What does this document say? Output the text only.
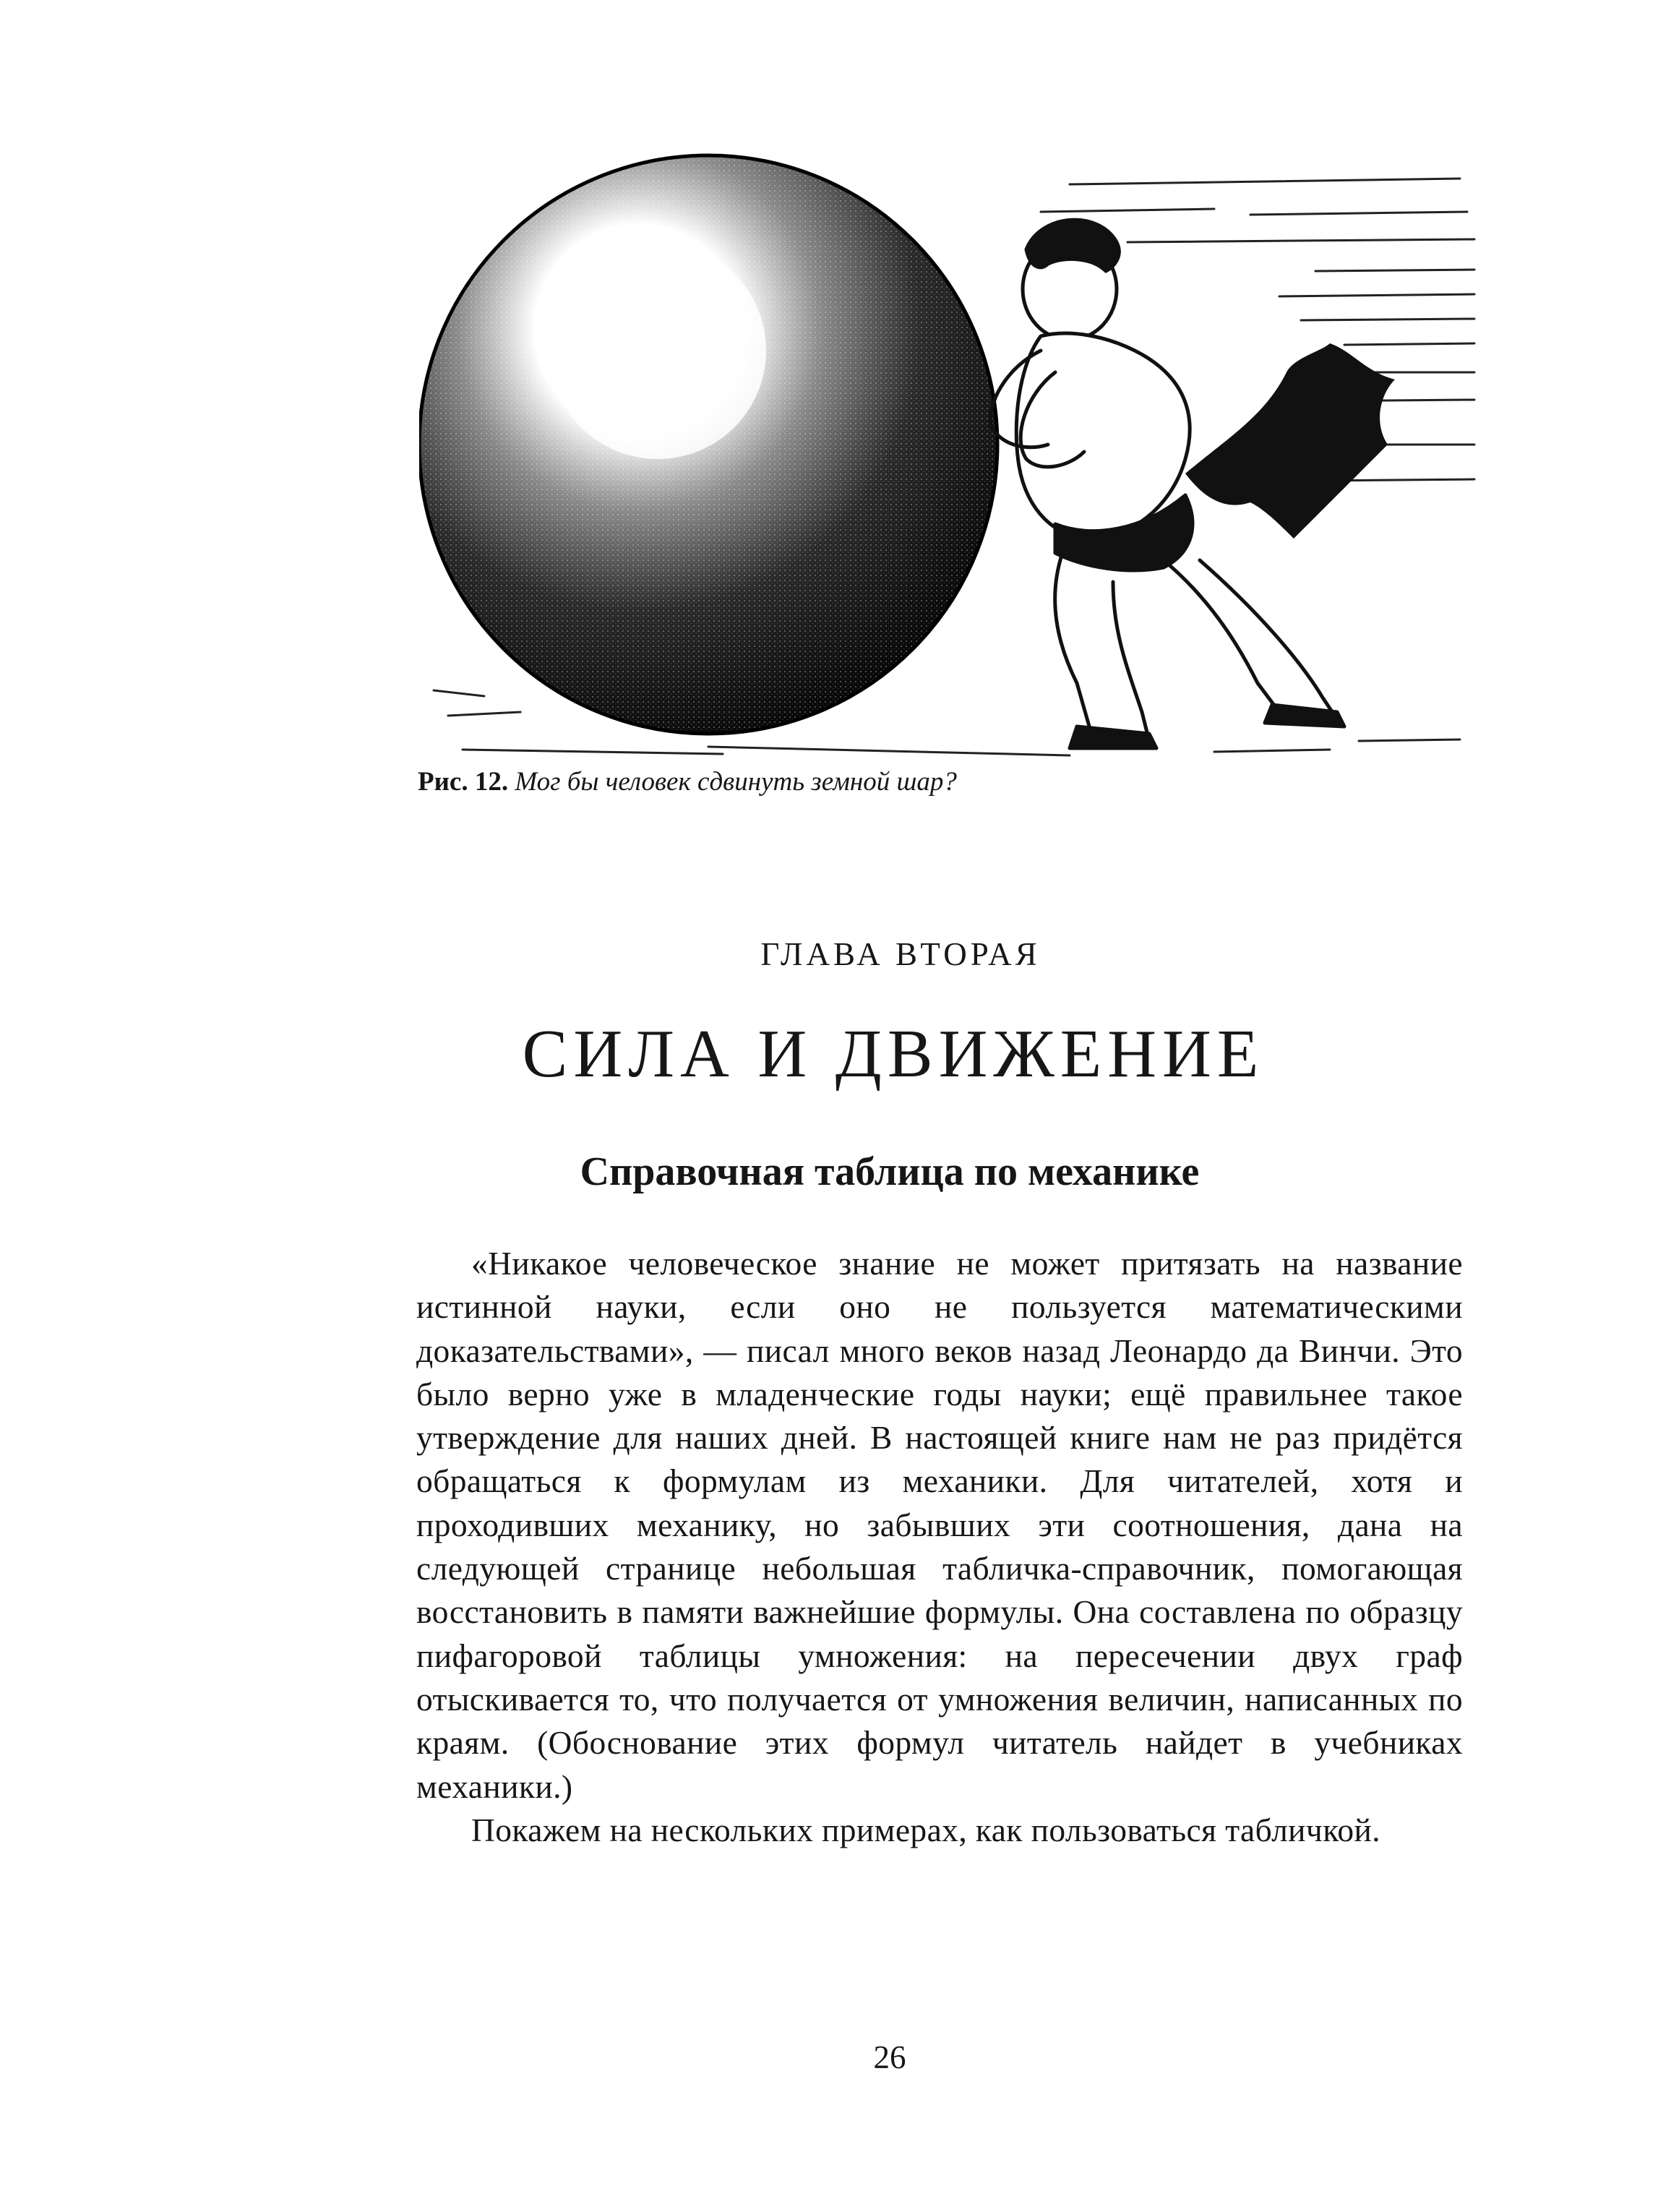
Рис. 12. Мог бы человек сдвинуть земной шар?
ГЛАВА ВТОРАЯ
СИЛА И ДВИЖЕНИЕ
Справочная таблица по механике

«Никакое человеческое знание не может притязать на название истинной науки, если оно не пользуется математическими доказательствами», — писал много веков назад Леонардо да Винчи. Это было верно уже в младенческие годы науки; ещё правильнее такое утверждение для наших дней. В настоящей книге нам не раз придётся обращаться к формулам из механики. Для читателей, хотя и проходивших механику, но забывших эти соотношения, дана на следующей странице небольшая табличка-справочник, помогающая восстановить в памяти важнейшие формулы. Она составлена по образцу пифагоровой таблицы умножения: на пересечении двух граф отыскивается то, что получается от умножения величин, написанных по краям. (Обоснование этих формул читатель найдет в учебниках механики.)

Покажем на нескольких примерах, как пользоваться табличкой.

26
